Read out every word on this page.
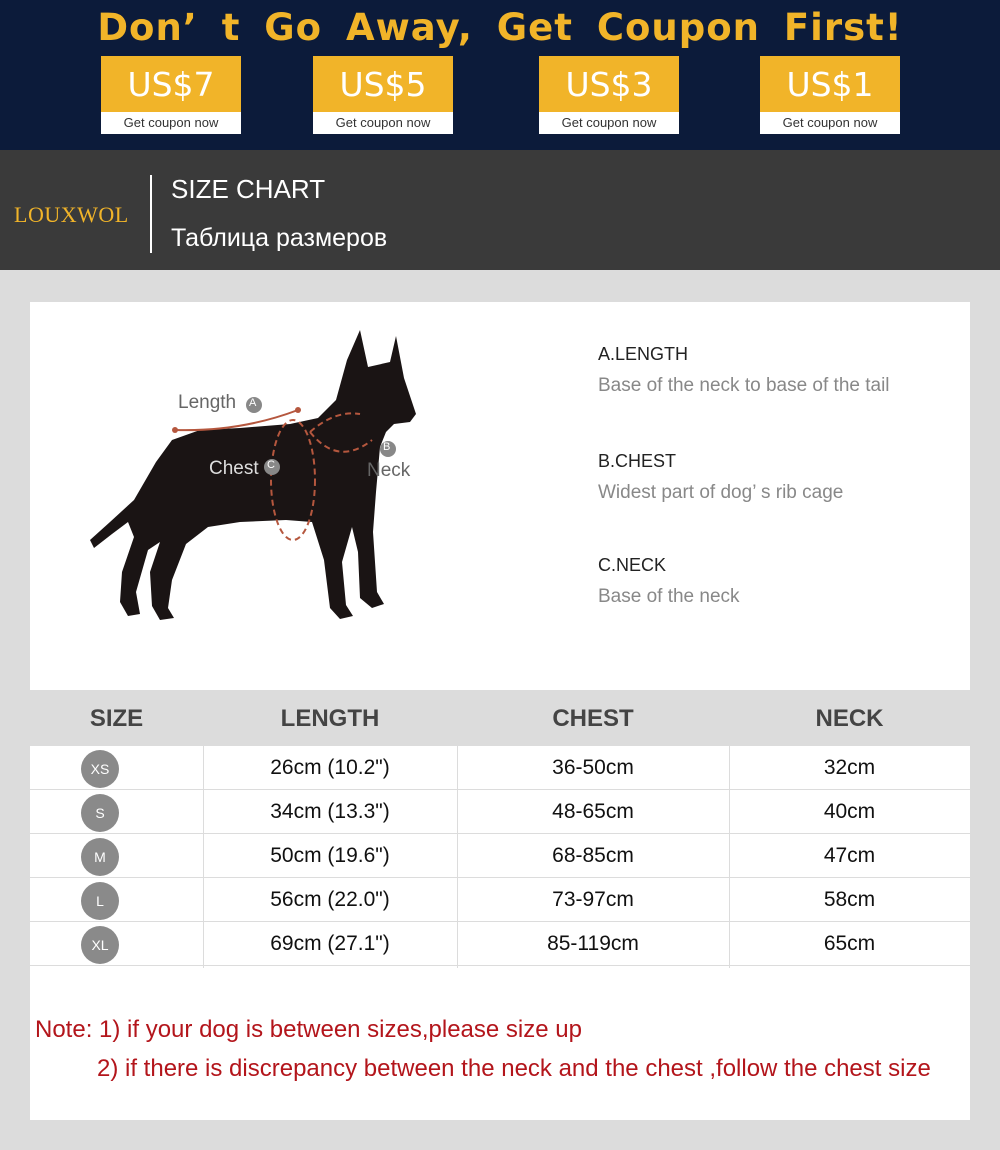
Don’ t Go Away, Get Coupon First!
US$7
Get coupon now
US$5
Get coupon now
US$3
Get coupon now
US$1
Get coupon now
LOUXWOL
SIZE CHART
Таблица размеров
Length
Chest	Neck
A
B
C
A.LENGTH
Base of the neck to base of the tail
B.CHEST
Widest part of dog’ s rib cage
C.NECK
Base of the neck
SIZE	LENGTH	CHEST	NECK
XS	26cm (10.2")	36-50cm	32cm
S	34cm (13.3")	48-65cm	40cm
M	50cm (19.6")	68-85cm	47cm
L	56cm (22.0")	73-97cm	58cm
XL	69cm (27.1")	85-119cm	65cm
Note: 1) if your dog is between sizes,please size up
2) if there is discrepancy between the neck and the chest ,follow the chest size
